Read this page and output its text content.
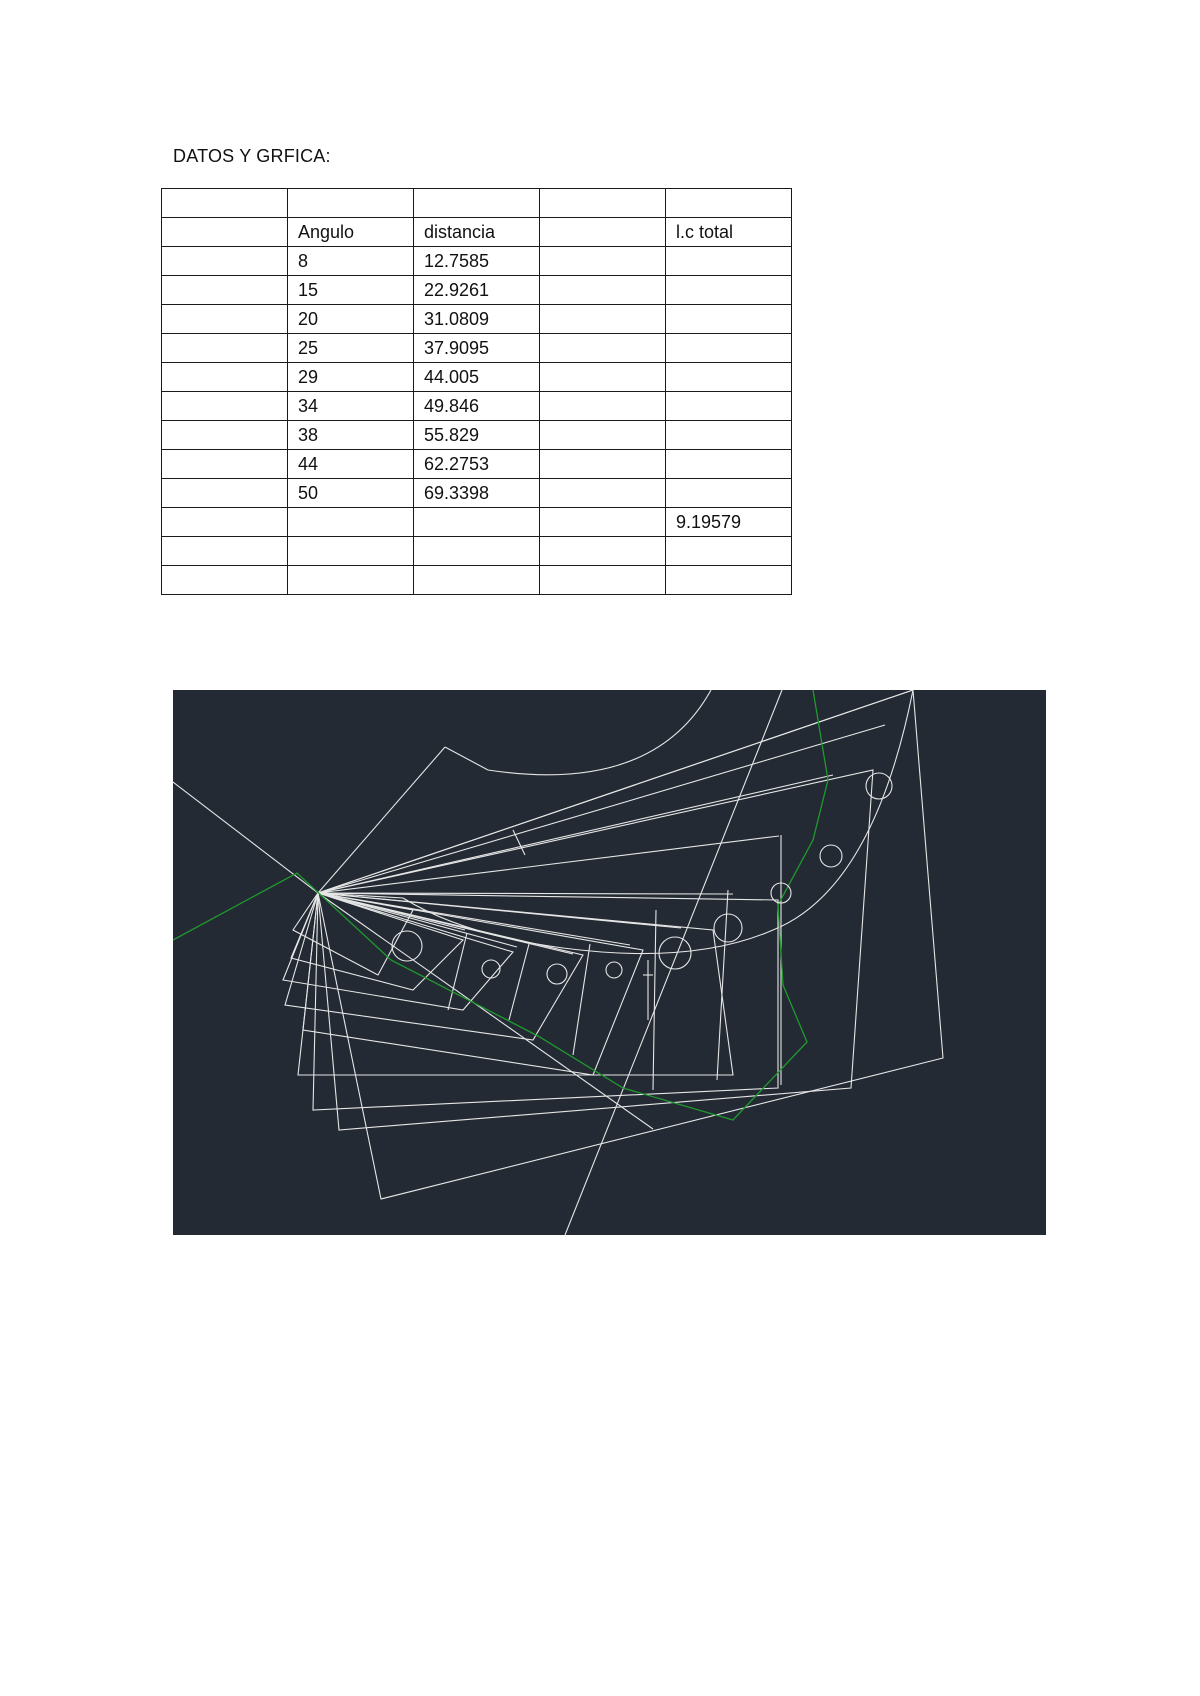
DATOS Y GRFICA:

	Angulo	distancia		l.c total
	8	12.7585		
	15	22.9261		
	20	31.0809		
	25	37.9095		
	29	44.005		
	34	49.846		
	38	55.829		
	44	62.2753		
	50	69.3398		
				9.19579
